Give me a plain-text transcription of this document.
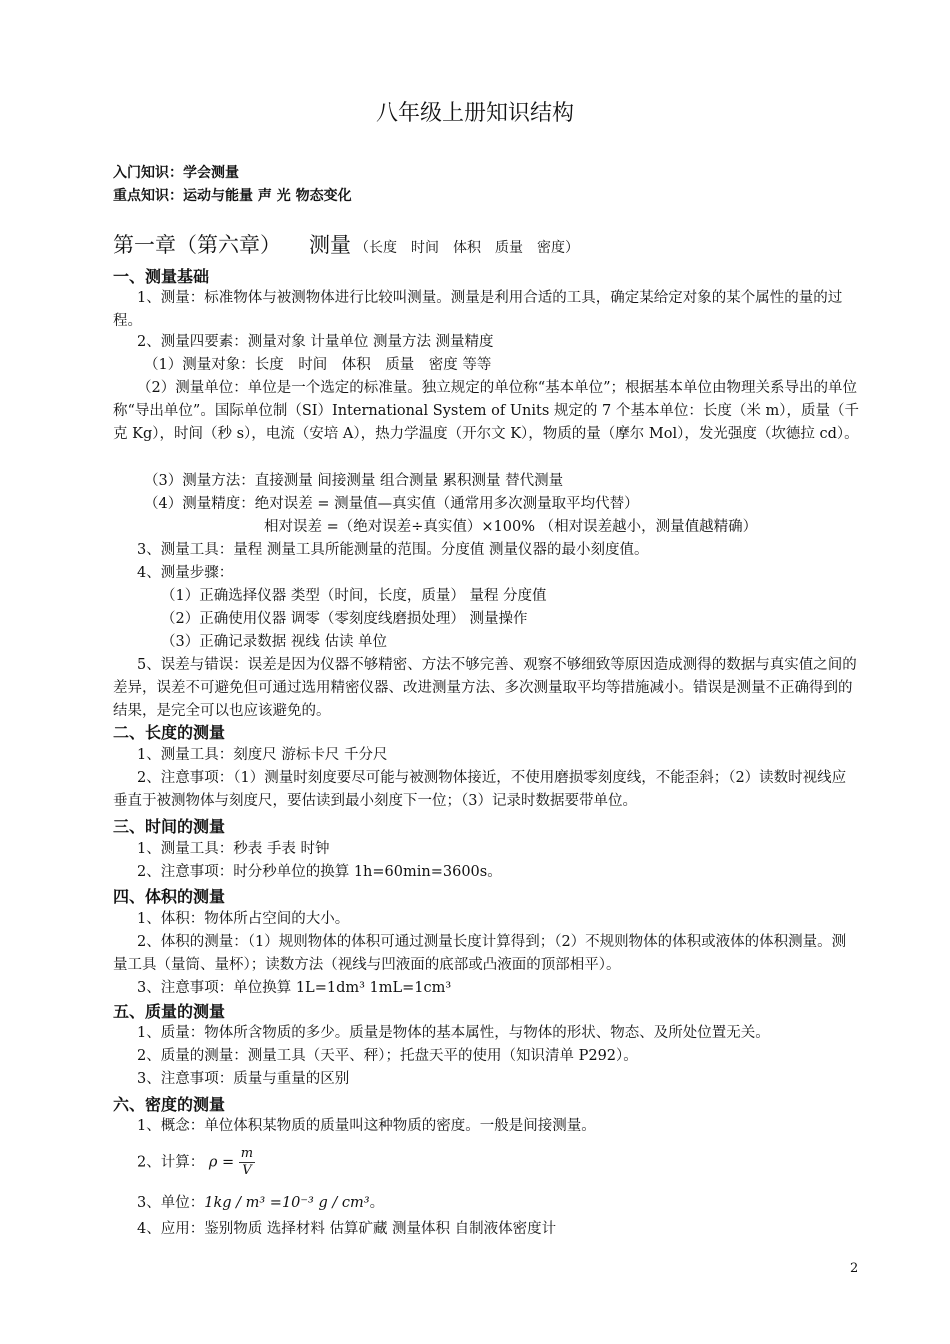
八年级上册知识结构
入门知识：学会测量
重点知识：运动与能量 声 光 物态变化
第一章（第六章） 测量 （长度　时间　体积　质量　密度）
一、测量基础
1、测量：标准物体与被测物体进行比较叫测量。测量是利用合适的工具，确定某给定对象的某个属性的量的过程。
2、测量四要素：测量对象 计量单位 测量方法 测量精度
（1）测量对象：长度　时间　体积　质量　密度 等等
（2）测量单位：单位是一个选定的标准量。独立规定的单位称“基本单位”；根据基本单位由物理关系导出的单位称“导出单位”。国际单位制（SI）International System of Units 规定的 7 个基本单位：长度（米 m），质量（千克 Kg），时间（秒 s），电流（安培 A），热力学温度（开尔文 K），物质的量（摩尔 Mol），发光强度（坎德拉 cd）。
（3）测量方法：直接测量 间接测量 组合测量 累积测量 替代测量
（4）测量精度：绝对误差 = 测量值—真实值（通常用多次测量取平均代替）
相对误差 =（绝对误差÷真实值）×100% （相对误差越小，测量值越精确）
3、测量工具：量程 测量工具所能测量的范围。分度值 测量仪器的最小刻度值。
4、测量步骤：
（1）正确选择仪器 类型（时间，长度，质量） 量程 分度值
（2）正确使用仪器 调零（零刻度线磨损处理） 测量操作
（3）正确记录数据 视线 估读 单位
5、误差与错误：误差是因为仪器不够精密、方法不够完善、观察不够细致等原因造成测得的数据与真实值之间的差异，误差不可避免但可通过选用精密仪器、改进测量方法、多次测量取平均等措施减小。错误是测量不正确得到的结果，是完全可以也应该避免的。
二、长度的测量
1、测量工具：刻度尺 游标卡尺 千分尺
2、注意事项：（1）测量时刻度要尽可能与被测物体接近，不使用磨损零刻度线，不能歪斜；（2）读数时视线应垂直于被测物体与刻度尺，要估读到最小刻度下一位；（3）记录时数据要带单位。
三、时间的测量
1、测量工具：秒表 手表 时钟
2、注意事项：时分秒单位的换算 1h=60min=3600s。
四、体积的测量
1、体积：物体所占空间的大小。
2、体积的测量：（1）规则物体的体积可通过测量长度计算得到；（2）不规则物体的体积或液体的体积测量。测量工具（量筒、量杯）；读数方法（视线与凹液面的底部或凸液面的顶部相平）。
3、注意事项：单位换算 1L=1dm³ 1mL=1cm³
五、质量的测量
1、质量：物体所含物质的多少。质量是物体的基本属性，与物体的形状、物态、及所处位置无关。
2、质量的测量：测量工具（天平、秤）；托盘天平的使用（知识清单 P292）。
3、注意事项：质量与重量的区别
六、密度的测量
1、概念：单位体积某物质的质量叫这种物质的密度。一般是间接测量。
2、计算： $\rho = \frac{m}{V}$
3、单位：1kg / m³ =10⁻³ g / cm³。
4、应用：鉴别物质 选择材料 估算矿藏 测量体积 自制液体密度计
2
